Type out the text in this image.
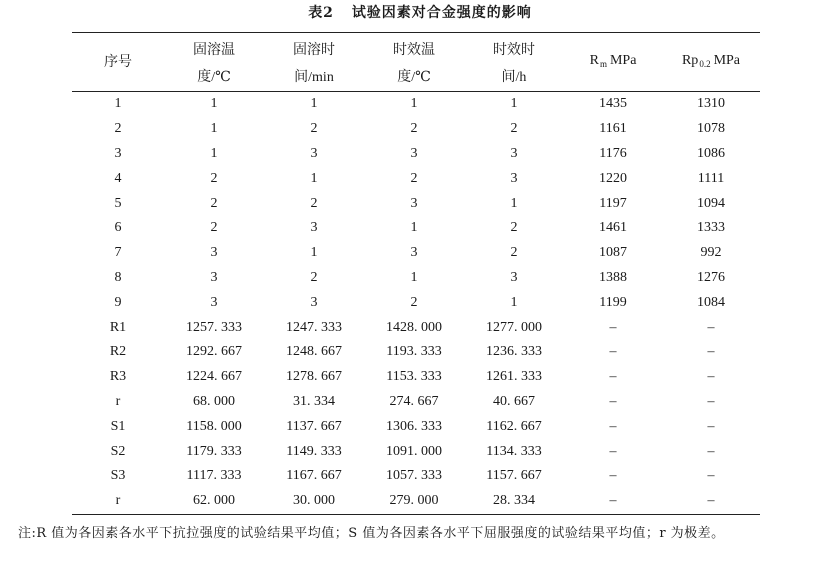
表2 试验因素对合金强度的影响
序号	固溶温	固溶时	时效温	时效时	$R_m$ MPa	$Rp_{0.2}$ MPa
	度/℃	间/min	度/℃	间/h		
1	1	1	1	1	1435	1310
2	1	2	2	2	1161	1078
3	1	3	3	3	1176	1086
4	2	1	2	3	1220	1111
5	2	2	3	1	1197	1094
6	2	3	1	2	1461	1333
7	3	1	3	2	1087	992
8	3	2	1	3	1388	1276
9	3	3	2	1	1199	1084
R1	1257. 333	1247. 333	1428. 000	1277. 000	–	–
R2	1292. 667	1248. 667	1193. 333	1236. 333	–	–
R3	1224. 667	1278. 667	1153. 333	1261. 333	–	–
r	68. 000	31. 334	274. 667	40. 667	–	–
S1	1158. 000	1137. 667	1306. 333	1162. 667	–	–
S2	1179. 333	1149. 333	1091. 000	1134. 333	–	–
S3	1117. 333	1167. 667	1057. 333	1157. 667	–	–
r	62. 000	30. 000	279. 000	28. 334	–	–
注:R 值为各因素各水平下抗拉强度的试验结果平均值；S 值为各因素各水平下屈服强度的试验结果平均值；r 为极差。
